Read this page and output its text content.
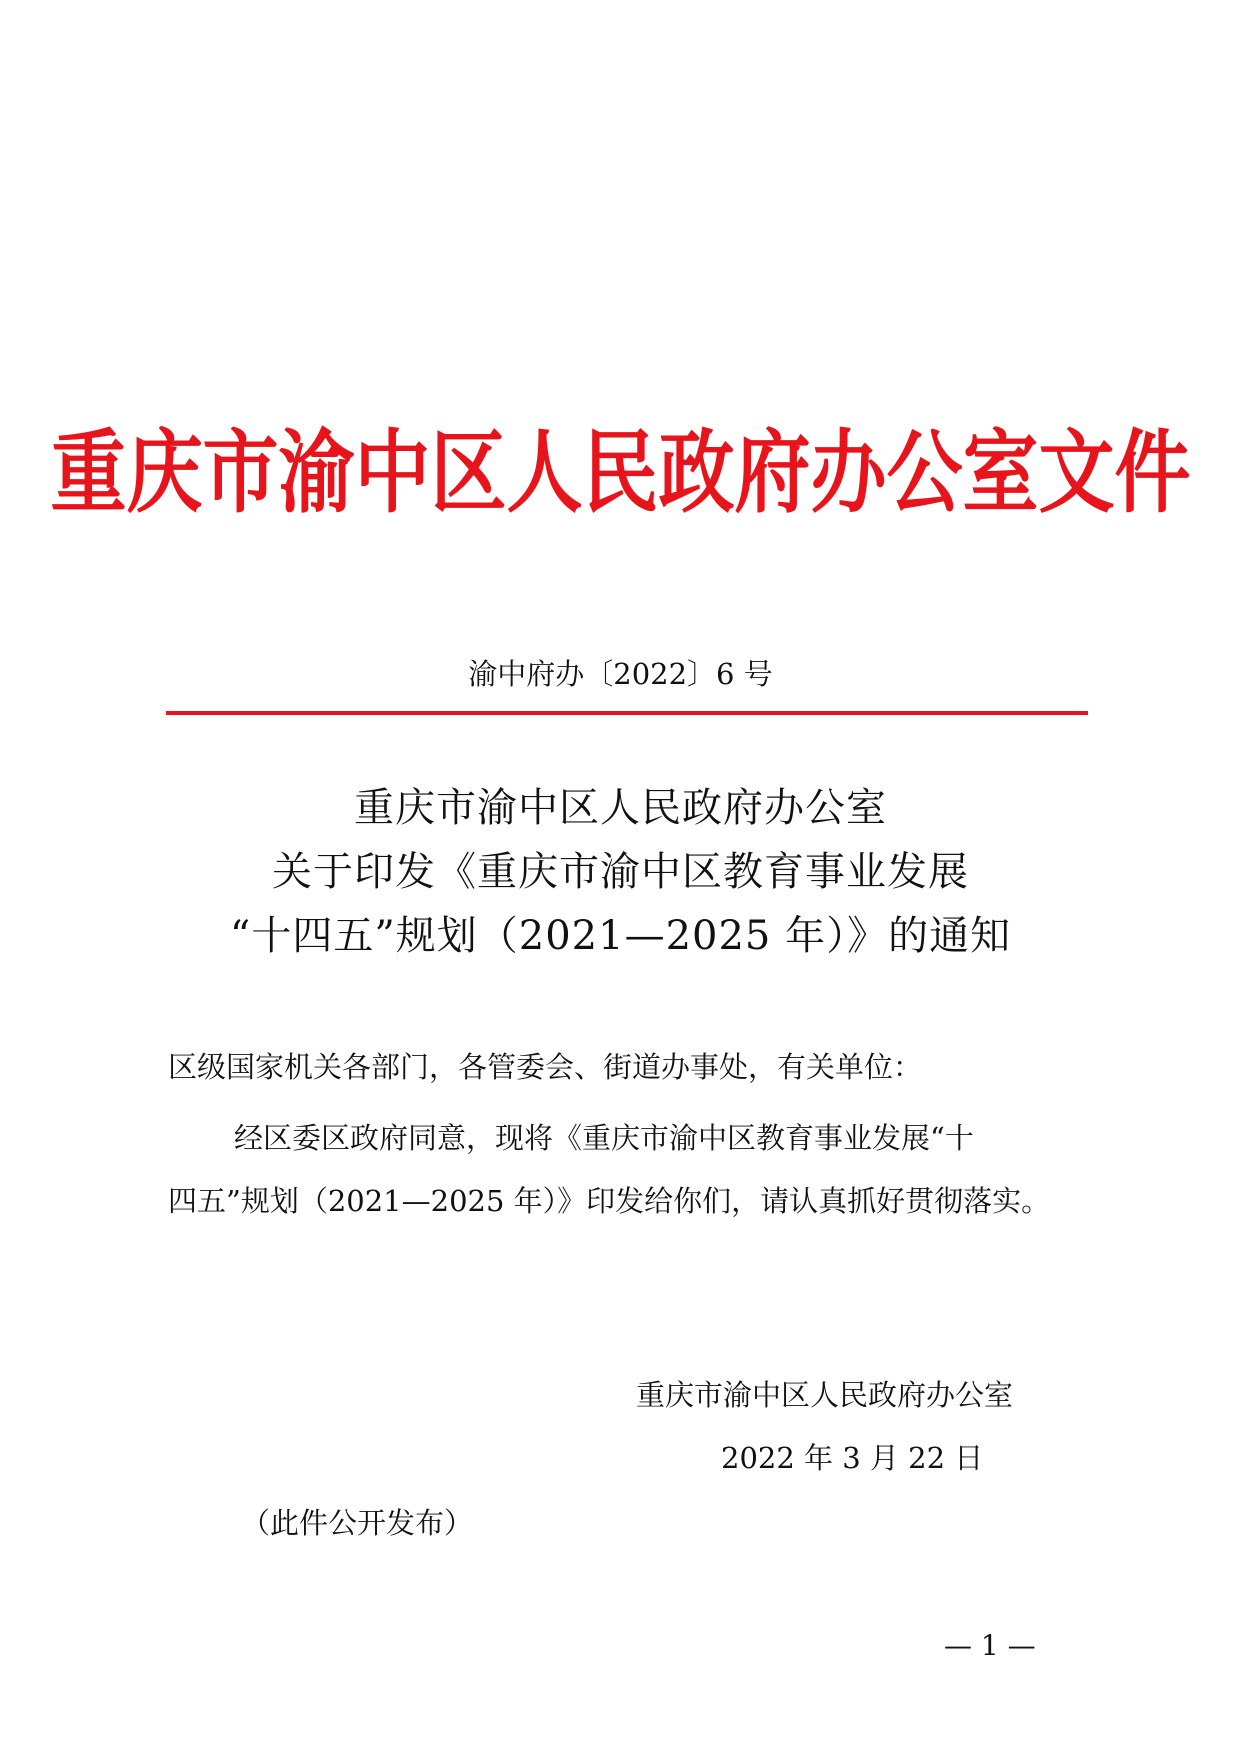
重庆市渝中区人民政府办公室文件
渝中府办〔2022〕6 号
重庆市渝中区人民政府办公室
关于印发《重庆市渝中区教育事业发展
“十四五”规划（2021—2025 年）》的通知
区级国家机关各部门，各管委会、街道办事处，有关单位：
经区委区政府同意，现将《重庆市渝中区教育事业发展“十
四五”规划（2021—2025 年）》印发给你们，请认真抓好贯彻落实。
重庆市渝中区人民政府办公室
2022 年 3 月 22 日
（此件公开发布）
— 1 —
